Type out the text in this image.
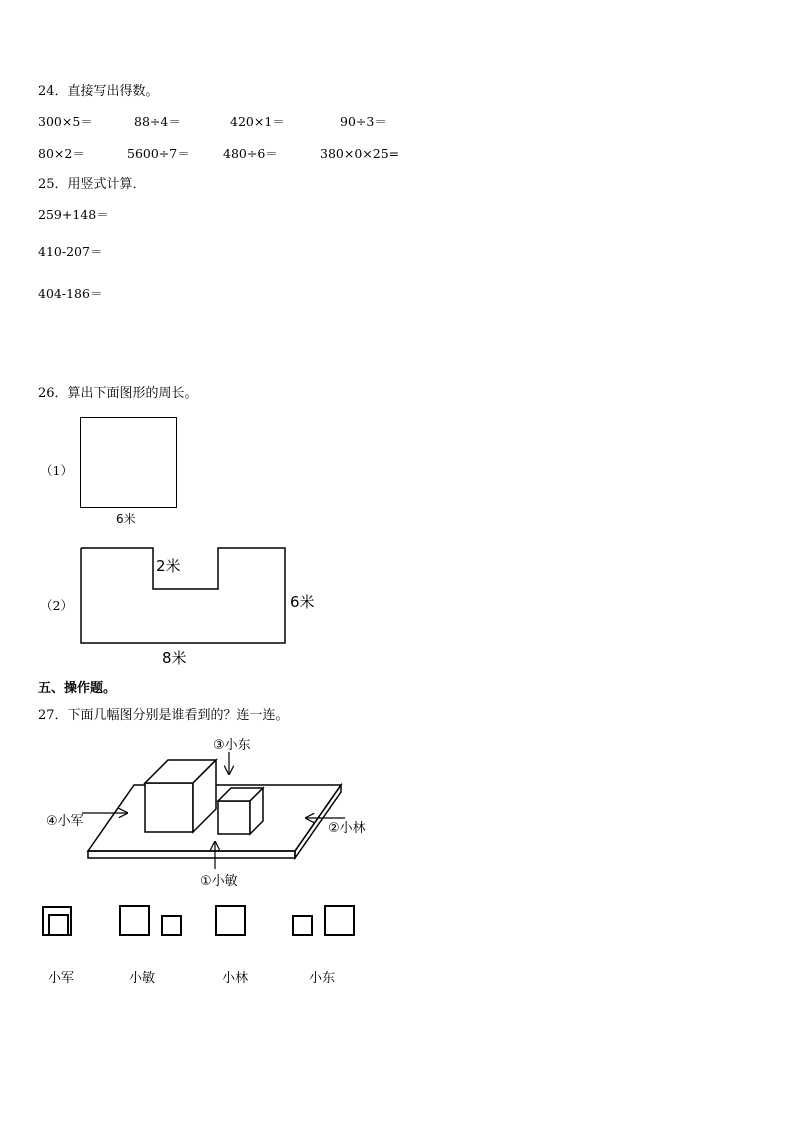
24．直接写出得数。
300×5＝	88÷4＝	420×1＝	90÷3＝
80×2＝	5600÷7＝	480÷6＝	380×0×25=
25．用竖式计算．
259+148＝
410-207＝
404-186＝
26．算出下面图形的周长。
（1）
6米
（2）
2米
6米
8米
五、操作题。
27．下面几幅图分别是谁看到的？连一连。
③小东
④小军	②小林
①小敏
小军	小敏	小林	小东
